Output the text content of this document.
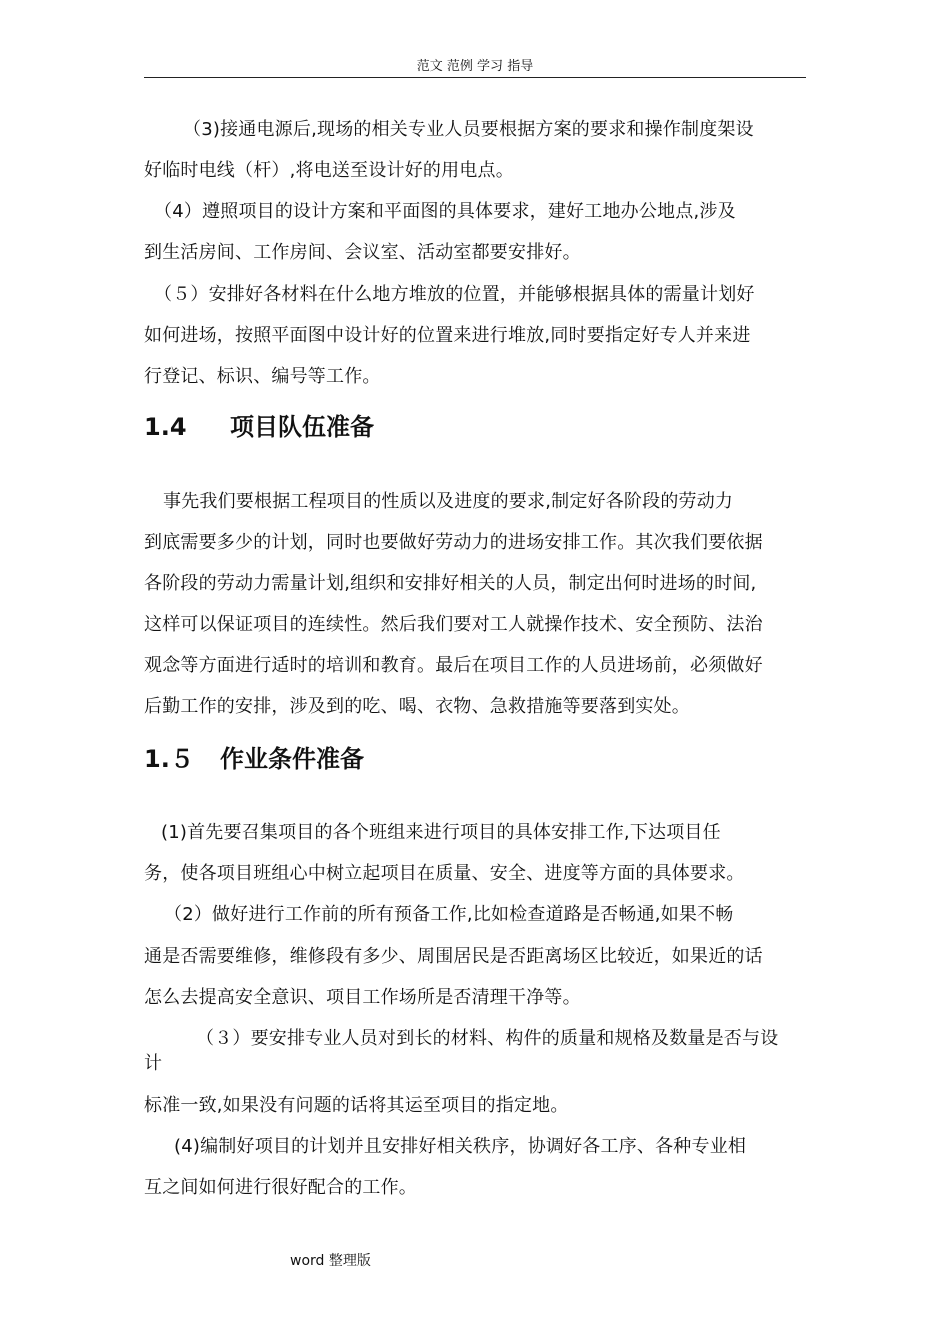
范文 范例 学习 指导
（3)接通电源后,现场的相关专业人员要根据方案的要求和操作制度架设
好临时电线（杆）,将电送至设计好的用电点。
（4）遵照项目的设计方案和平面图的具体要求，建好工地办公地点,涉及
到生活房间、工作房间、会议室、活动室都要安排好。
（５）安排好各材料在什么地方堆放的位置，并能够根据具体的需量计划好
如何进场，按照平面图中设计好的位置来进行堆放,同时要指定好专人并来进
行登记、标识、编号等工作。
1.4 项目队伍准备
事先我们要根据工程项目的性质以及进度的要求,制定好各阶段的劳动力
到底需要多少的计划，同时也要做好劳动力的进场安排工作。其次我们要依据
各阶段的劳动力需量计划,组织和安排好相关的人员，制定出何时进场的时间,
这样可以保证项目的连续性。然后我们要对工人就操作技术、安全预防、法治
观念等方面进行适时的培训和教育。最后在项目工作的人员进场前，必须做好
后勤工作的安排，涉及到的吃、喝、衣物、急救措施等要落到实处。
1.５ 作业条件准备
(1)首先要召集项目的各个班组来进行项目的具体安排工作,下达项目任
务，使各项目班组心中树立起项目在质量、安全、进度等方面的具体要求。
（2）做好进行工作前的所有预备工作,比如检查道路是否畅通,如果不畅
通是否需要维修，维修段有多少、周围居民是否距离场区比较近，如果近的话
怎么去提高安全意识、项目工作场所是否清理干净等。
（３）要安排专业人员对到长的材料、构件的质量和规格及数量是否与设
计
标准一致,如果没有问题的话将其运至项目的指定地。
(4)编制好项目的计划并且安排好相关秩序，协调好各工序、各种专业相
互之间如何进行很好配合的工作。
word 整理版
